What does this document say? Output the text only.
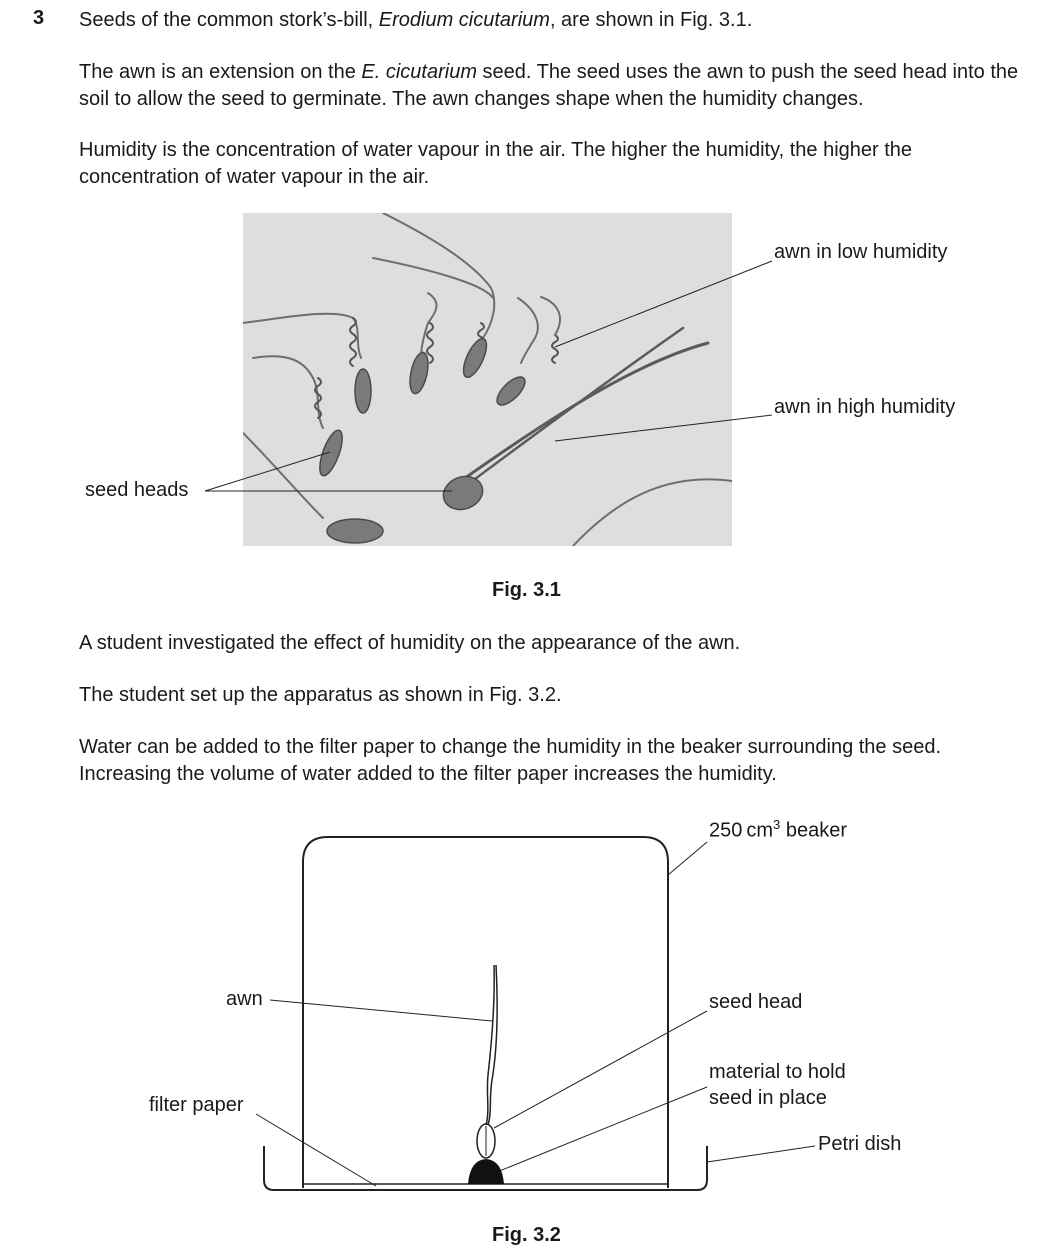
3 Seeds of the common stork’s-bill, Erodium cicutarium, are shown in Fig. 3.1.
The awn is an extension on the E. cicutarium seed. The seed uses the awn to push the seed head into the soil to allow the seed to germinate. The awn changes shape when the humidity changes.
Humidity is the concentration of water vapour in the air. The higher the humidity, the higher the concentration of water vapour in the air.
awn in low humidity
awn in high humidity
seed heads
Fig. 3.1
A student investigated the effect of humidity on the appearance of the awn.
The student set up the apparatus as shown in Fig. 3.2.
Water can be added to the filter paper to change the humidity in the beaker surrounding the seed. Increasing the volume of water added to the filter paper increases the humidity.
250 $cm^3$ beaker
awn	seed head
material to hold
seed in place
filter paper
Petri dish
Fig. 3.2
